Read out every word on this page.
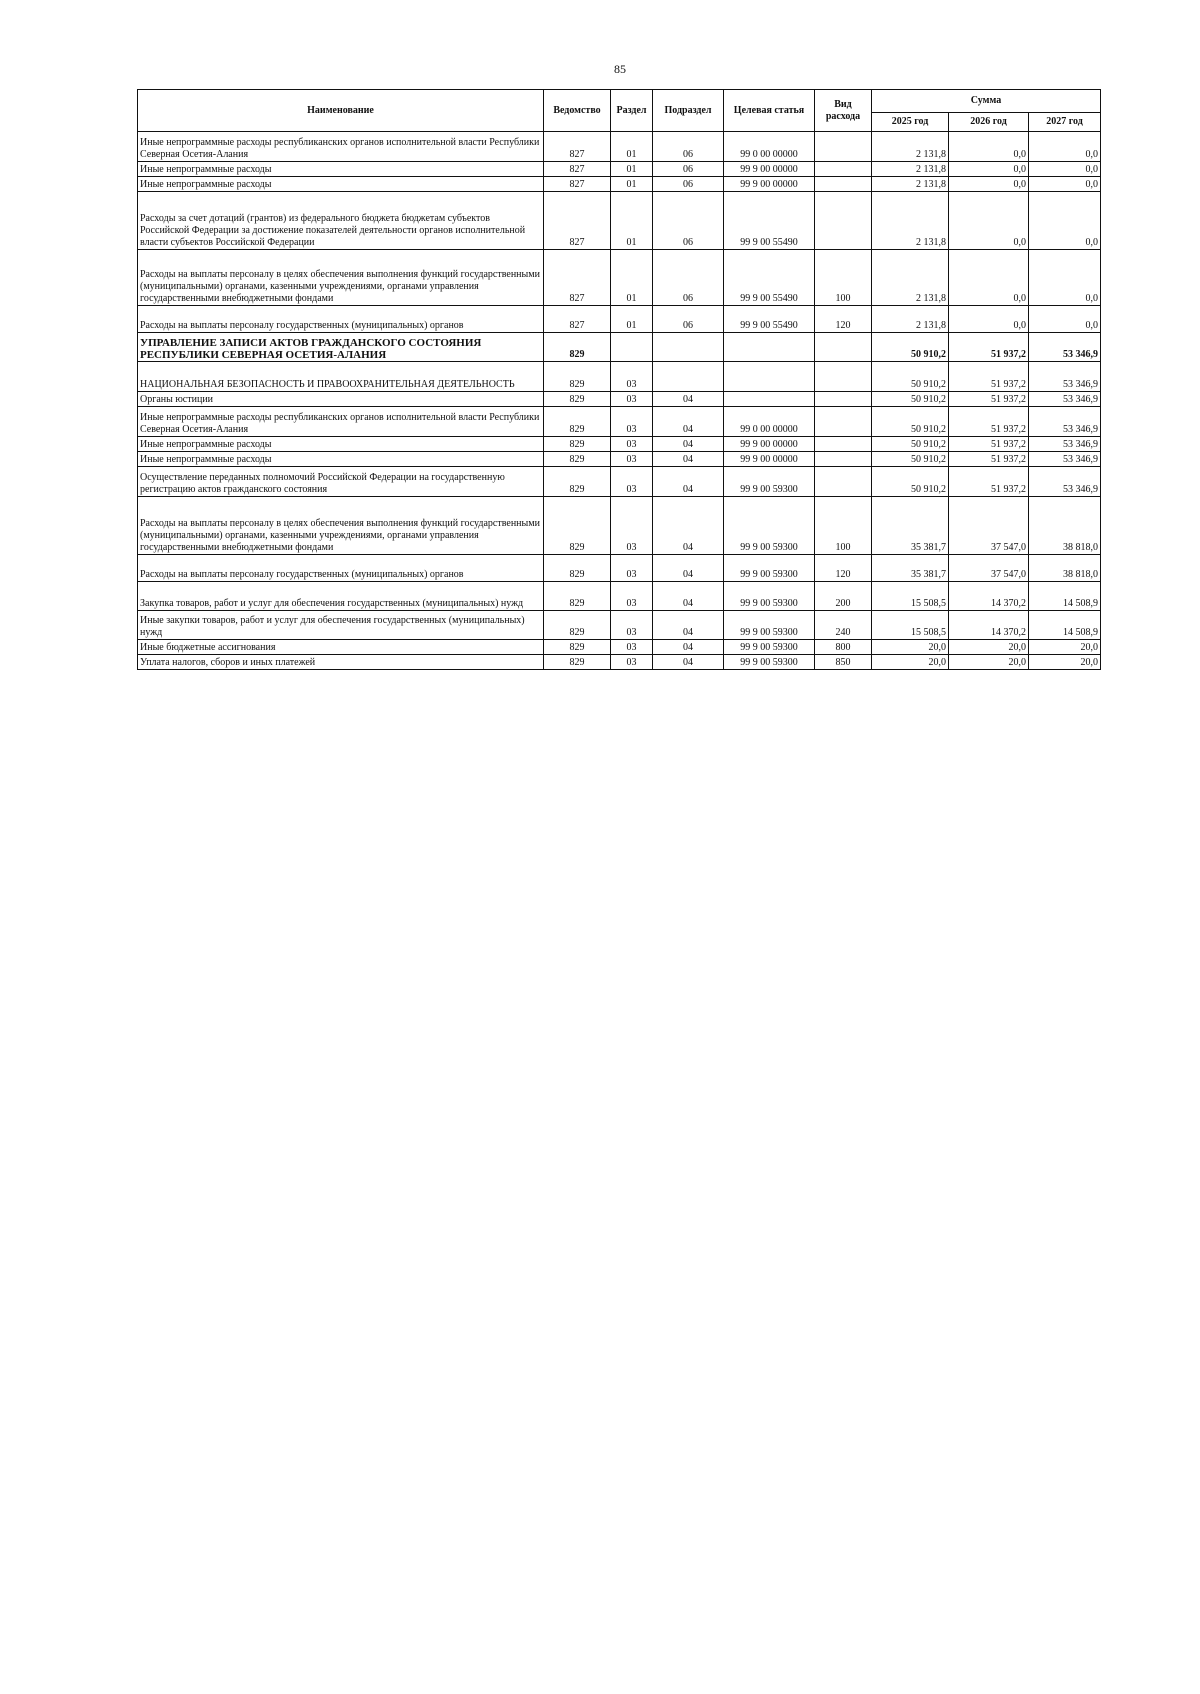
85
Наименование	Ведомство	Раздел	Подраздел	Целевая статья	Вид
расхода	Сумма		
						2025 год	2026 год	2027 год
Иные непрограммные расходы республиканских органов исполнительной власти Республики Северная Осетия-Алания	827	01	06	99 0 00 00000		2 131,8	0,0	0,0
Иные непрограммные расходы	827	01	06	99 9 00 00000		2 131,8	0,0	0,0
Иные непрограммные расходы	827	01	06	99 9 00 00000		2 131,8	0,0	0,0
Расходы за счет дотаций (грантов) из федерального бюджета бюджетам субъектов Российской Федерации за достижение показателей деятельности органов исполнительной власти субъектов Российской Федерации	827	01	06	99 9 00 55490		2 131,8	0,0	0,0
Расходы на выплаты персоналу в целях обеспечения выполнения функций государственными (муниципальными) органами, казенными учреждениями, органами управления государственными внебюджетными фондами	827	01	06	99 9 00 55490	100	2 131,8	0,0	0,0
Расходы на выплаты персоналу государственных (муниципальных) органов	827	01	06	99 9 00 55490	120	2 131,8	0,0	0,0
УПРАВЛЕНИЕ ЗАПИСИ АКТОВ ГРАЖДАНСКОГО СОСТОЯНИЯ РЕСПУБЛИКИ СЕВЕРНАЯ ОСЕТИЯ-АЛАНИЯ	829					50 910,2	51 937,2	53 346,9
НАЦИОНАЛЬНАЯ БЕЗОПАСНОСТЬ И ПРАВООХРАНИТЕЛЬНАЯ ДЕЯТЕЛЬНОСТЬ	829	03				50 910,2	51 937,2	53 346,9
Органы юстиции	829	03	04			50 910,2	51 937,2	53 346,9
Иные непрограммные расходы республиканских органов исполнительной власти Республики Северная Осетия-Алания	829	03	04	99 0 00 00000		50 910,2	51 937,2	53 346,9
Иные непрограммные расходы	829	03	04	99 9 00 00000		50 910,2	51 937,2	53 346,9
Иные непрограммные расходы	829	03	04	99 9 00 00000		50 910,2	51 937,2	53 346,9
Осуществление переданных полномочий Российской Федерации на государственную регистрацию актов гражданского состояния	829	03	04	99 9 00 59300		50 910,2	51 937,2	53 346,9
Расходы на выплаты персоналу в целях обеспечения выполнения функций государственными (муниципальными) органами, казенными учреждениями, органами управления государственными внебюджетными фондами	829	03	04	99 9 00 59300	100	35 381,7	37 547,0	38 818,0
Расходы на выплаты персоналу государственных (муниципальных) органов	829	03	04	99 9 00 59300	120	35 381,7	37 547,0	38 818,0
Закупка товаров, работ и услуг для обеспечения государственных (муниципальных) нужд	829	03	04	99 9 00 59300	200	15 508,5	14 370,2	14 508,9
Иные закупки товаров, работ и услуг для обеспечения государственных (муниципальных) нужд	829	03	04	99 9 00 59300	240	15 508,5	14 370,2	14 508,9
Иные бюджетные ассигнования	829	03	04	99 9 00 59300	800	20,0	20,0	20,0
Уплата налогов, сборов и иных платежей	829	03	04	99 9 00 59300	850	20,0	20,0	20,0
